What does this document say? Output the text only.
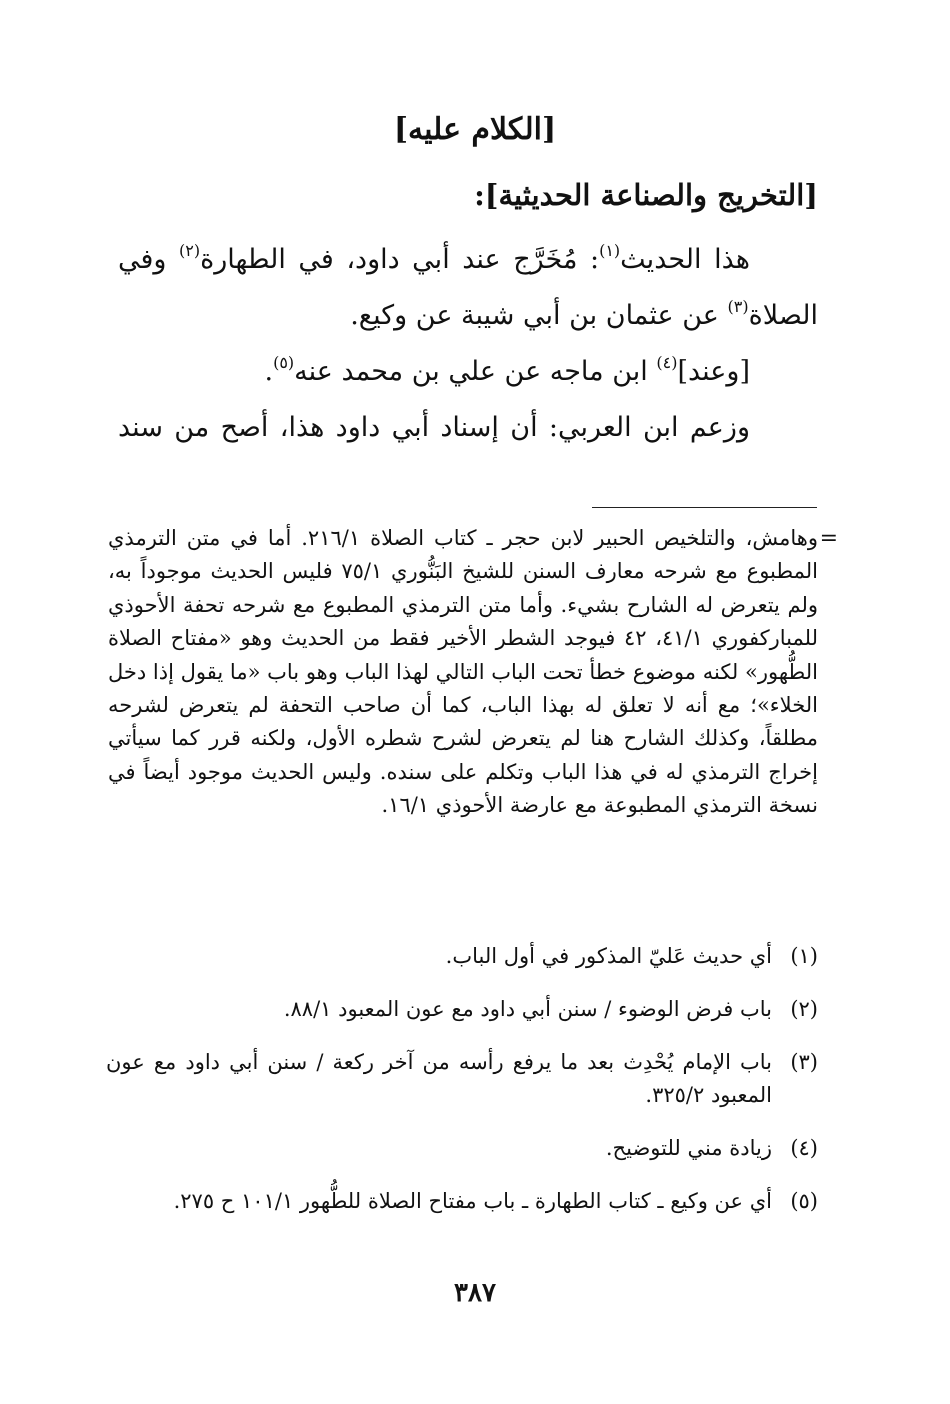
[الكلام عليه]
[التخريج والصناعة الحديثية]:

هذا الحديث$^{(١)}$: مُخَرَّج عند أبي داود، في الطهارة$^{(٢)}$ وفي الصلاة$^{(٣)}$ عن عثمان بن أبي شيبة عن وكيع.

[وعند]$^{(٤)}$ ابن ماجه عن علي بن محمد عنه$^{(٥)}$.

وزعم ابن العربي: أن إسناد أبي داود هذا، أصح من سند

=
وهامش، والتلخيص الحبير لابن حجر ـ كتاب الصلاة ٢١٦/١. أما في متن الترمذي المطبوع مع شرحه معارف السنن للشيخ البَنُّوري ٧٥/١ فليس الحديث موجوداً به، ولم يتعرض له الشارح بشيء. وأما متن الترمذي المطبوع مع شرحه تحفة الأحوذي للمباركفوري ٤١/١، ٤٢ فيوجد الشطر الأخير فقط من الحديث وهو «مفتاح الصلاة الطُّهور» لكنه موضوع خطأ تحت الباب التالي لهذا الباب وهو باب «ما يقول إذا دخل الخلاء»؛ مع أنه لا تعلق له بهذا الباب، كما أن صاحب التحفة لم يتعرض لشرحه مطلقاً، وكذلك الشارح هنا لم يتعرض لشرح شطره الأول، ولكنه قرر كما سيأتي إخراج الترمذي له في هذا الباب وتكلم على سنده. وليس الحديث موجود أيضاً في نسخة الترمذي المطبوعة مع عارضة الأحوذي ١٦/١.
(١)
أي حديث عَليّ المذكور في أول الباب.
(٢)
باب فرض الوضوء / سنن أبي داود مع عون المعبود ٨٨/١.
(٣)
باب الإمام يُحْدِث بعد ما يرفع رأسه من آخر ركعة / سنن أبي داود مع عون المعبود ٣٢٥/٢.
(٤)
زيادة مني للتوضيح.
(٥)
أي عن وكيع ـ كتاب الطهارة ـ باب مفتاح الصلاة للطُّهور ١٠١/١ ح ٢٧٥.
٣٨٧
